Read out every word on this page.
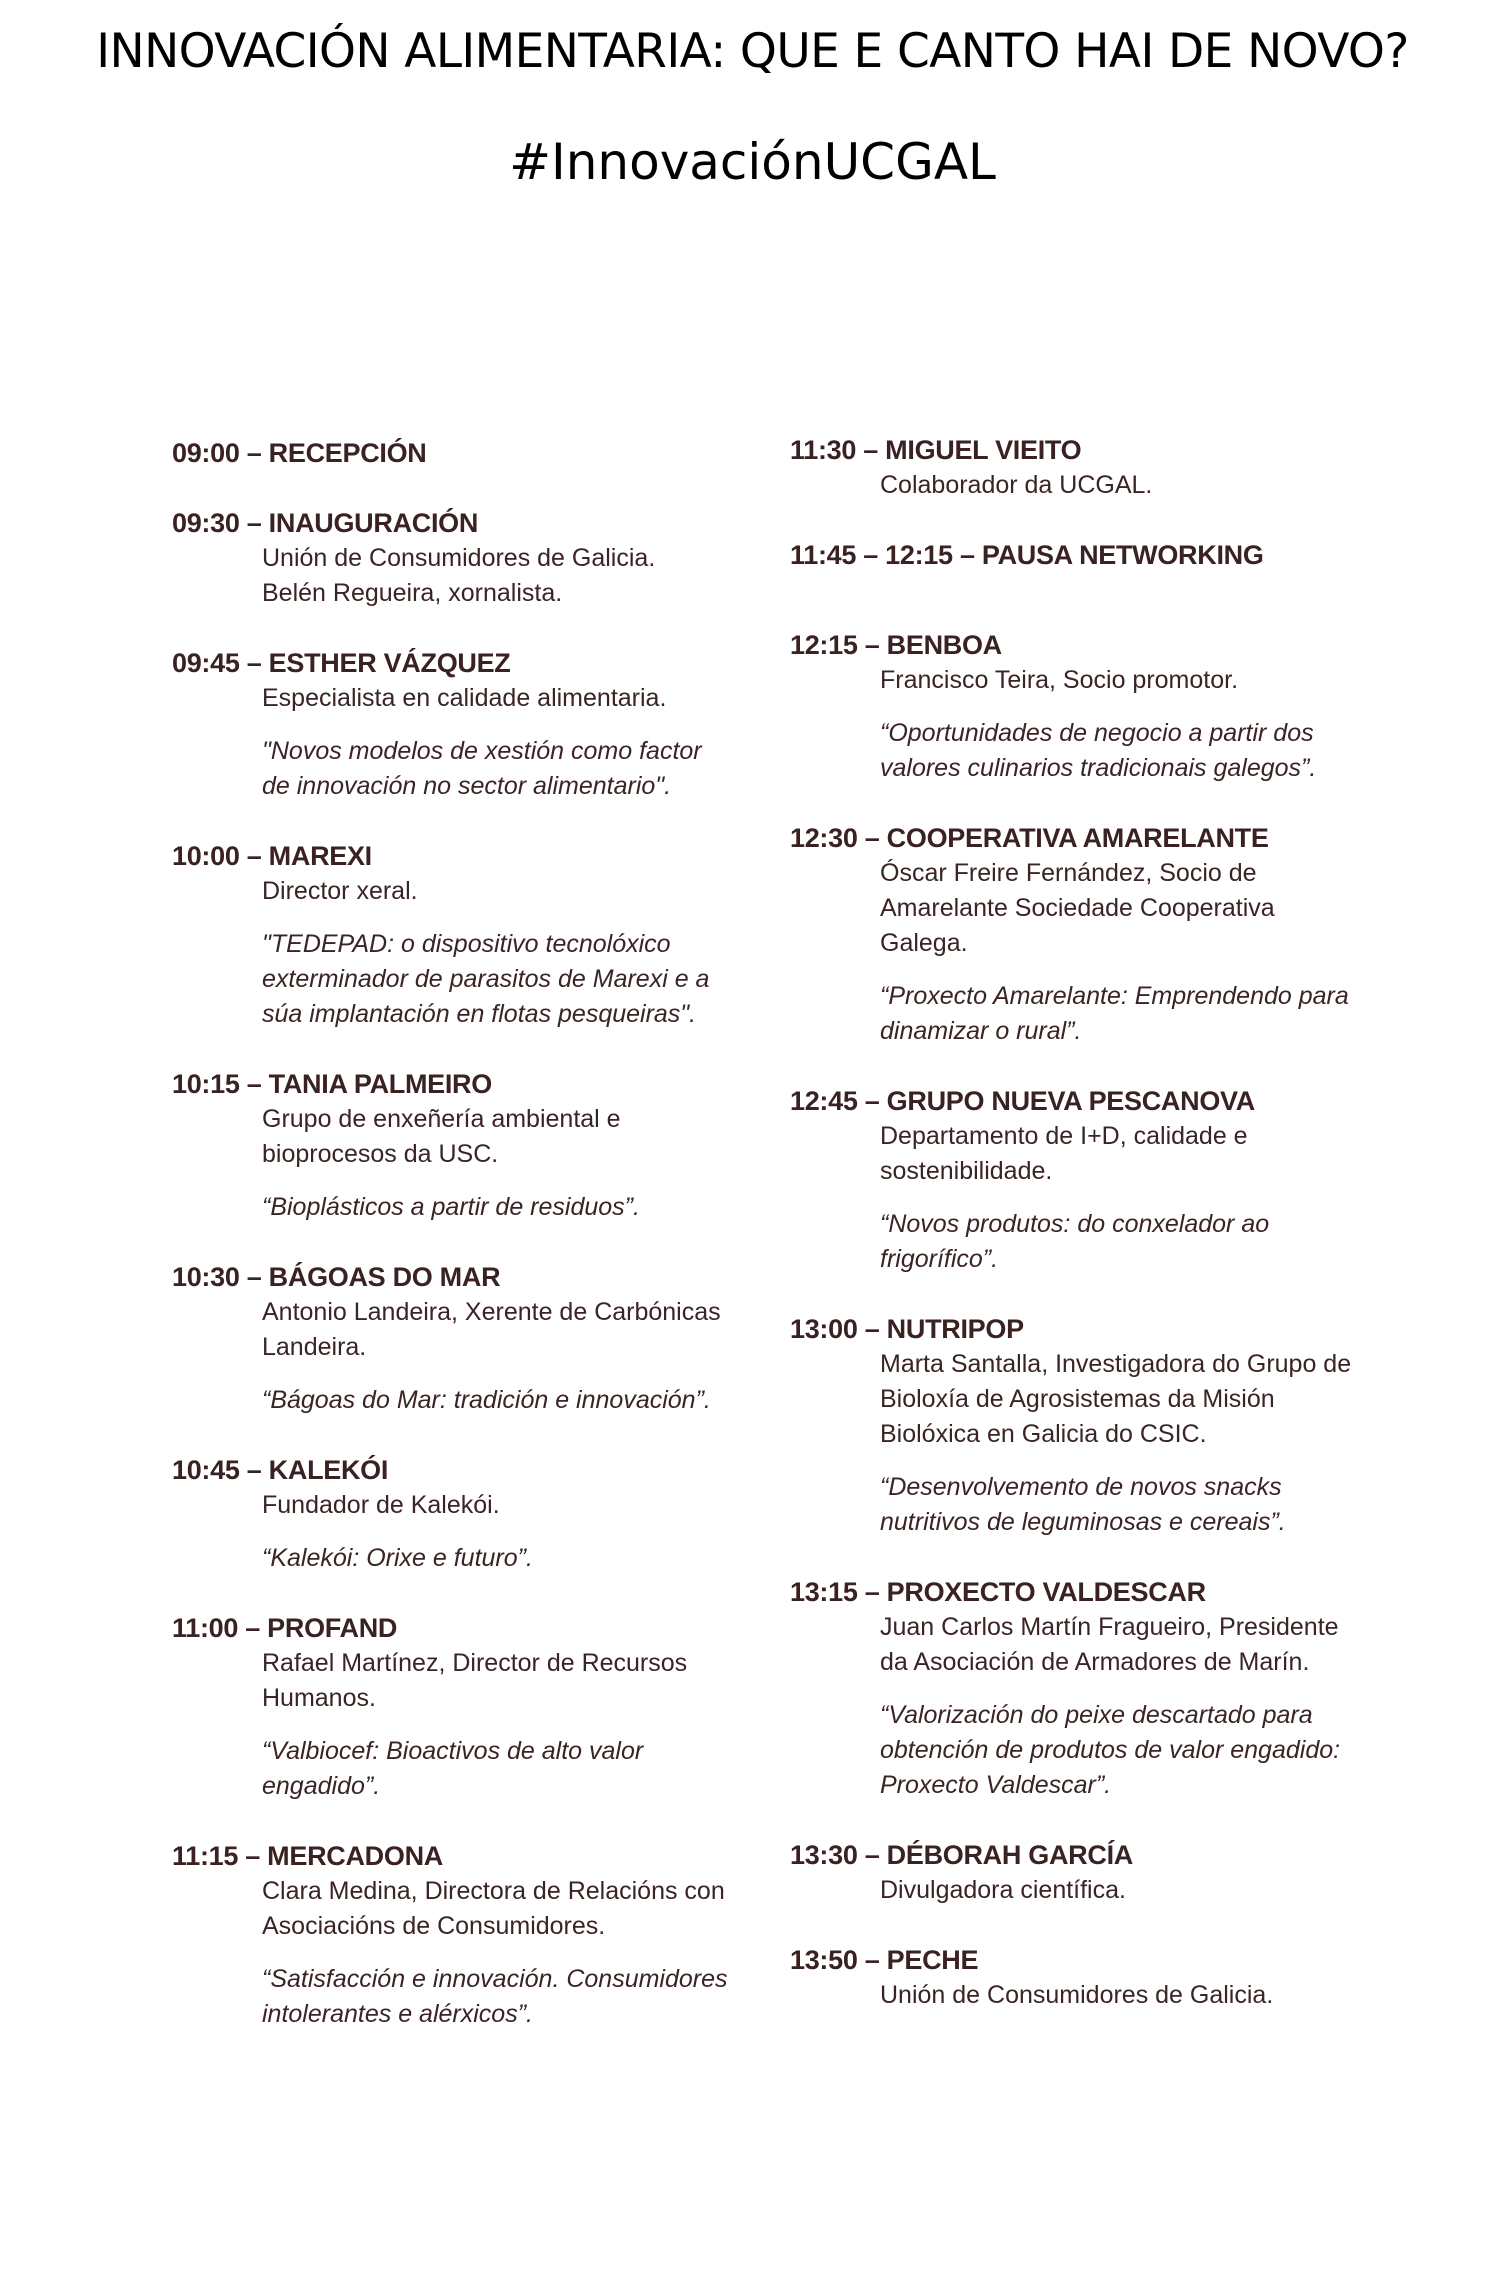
INNOVACIÓN ALIMENTARIA: QUE E CANTO HAI DE NOVO?
#InnovaciónUCGAL
09:00 – RECEPCIÓN
09:30 – INAUGURACIÓN
Unión de Consumidores de Galicia.
Belén Regueira, xornalista.
09:45 – ESTHER VÁZQUEZ
Especialista en calidade alimentaria.
"Novos modelos de xestión como factor
de innovación no sector alimentario".
10:00 – MAREXI
Director xeral.
"TEDEPAD: o dispositivo tecnolóxico
exterminador de parasitos de Marexi e a
súa implantación en flotas pesqueiras".
10:15 – TANIA PALMEIRO
Grupo de enxeñería ambiental e
bioprocesos da USC.
“Bioplásticos a partir de residuos”.
10:30 – BÁGOAS DO MAR
Antonio Landeira, Xerente de Carbónicas
Landeira.
“Bágoas do Mar: tradición e innovación”.
10:45 – KALEKÓI
Fundador de Kalekói.
“Kalekói: Orixe e futuro”.
11:00 – PROFAND
Rafael Martínez, Director de Recursos
Humanos.
“Valbiocef: Bioactivos de alto valor
engadido”.
11:15 – MERCADONA
Clara Medina, Directora de Relacións con
Asociacións de Consumidores.
“Satisfacción e innovación. Consumidores
intolerantes e alérxicos”.
11:30 – MIGUEL VIEITO
Colaborador da UCGAL.
11:45 – 12:15 – PAUSA NETWORKING
12:15 – BENBOA
Francisco Teira, Socio promotor.
“Oportunidades de negocio a partir dos
valores culinarios tradicionais galegos”.
12:30 – COOPERATIVA AMARELANTE
Óscar Freire Fernández, Socio de
Amarelante Sociedade Cooperativa
Galega.
“Proxecto Amarelante: Emprendendo para
dinamizar o rural”.
12:45 – GRUPO NUEVA PESCANOVA
Departamento de I+D, calidade e
sostenibilidade.
“Novos produtos: do conxelador ao
frigorífico”.
13:00 – NUTRIPOP
Marta Santalla, Investigadora do Grupo de
Bioloxía de Agrosistemas da Misión
Biolóxica en Galicia do CSIC.
“Desenvolvemento de novos snacks
nutritivos de leguminosas e cereais”.
13:15 – PROXECTO VALDESCAR
Juan Carlos Martín Fragueiro, Presidente
da Asociación de Armadores de Marín.
“Valorización do peixe descartado para
obtención de produtos de valor engadido:
Proxecto Valdescar”.
13:30 – DÉBORAH GARCÍA
Divulgadora científica.
13:50 – PECHE
Unión de Consumidores de Galicia.
